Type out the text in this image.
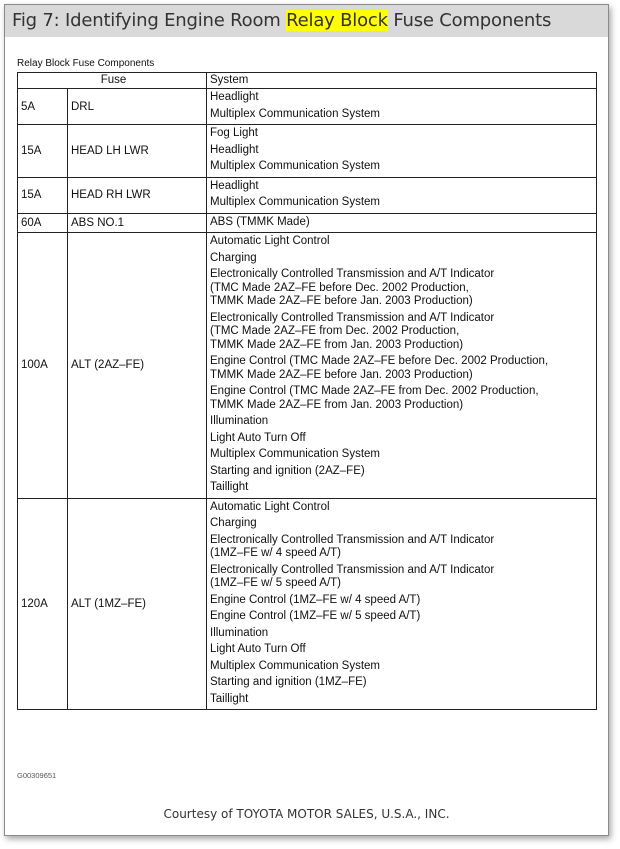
Fig 7: Identifying Engine Room Relay Block Fuse Components
Relay Block Fuse Components
Fuse		System
5A	DRL	Headlight
Multiplex Communication System

15A	HEAD LH LWR	Fog Light
Headlight
Multiplex Communication System

15A	HEAD RH LWR	Headlight
Multiplex Communication System

60A	ABS NO.1	ABS (TMMK Made)

100A	ALT (2AZ–FE)	
Automatic Light Control
Charging
Electronically Controlled Transmission and A/T Indicator
(TMC Made 2AZ–FE before Dec. 2002 Production,
TMMK Made 2AZ–FE before Jan. 2003 Production)
Electronically Controlled Transmission and A/T Indicator
(TMC Made 2AZ–FE from Dec. 2002 Production,
TMMK Made 2AZ–FE from Jan. 2003 Production)
Engine Control (TMC Made 2AZ–FE before Dec. 2002 Production,
TMMK Made 2AZ–FE before Jan. 2003 Production)
Engine Control (TMC Made 2AZ–FE from Dec. 2002 Production,
TMMK Made 2AZ–FE from Jan. 2003 Production)
Illumination
Light Auto Turn Off
Multiplex Communication System
Starting and ignition (2AZ–FE)
Taillight

120A	ALT (1MZ–FE)	
Automatic Light Control
Charging
Electronically Controlled Transmission and A/T Indicator
(1MZ–FE w/ 4 speed A/T)
Electronically Controlled Transmission and A/T Indicator
(1MZ–FE w/ 5 speed A/T)
Engine Control (1MZ–FE w/ 4 speed A/T)
Engine Control (1MZ–FE w/ 5 speed A/T)
Illumination
Light Auto Turn Off
Multiplex Communication System
Starting and ignition (1MZ–FE)
Taillight
G00309651
Courtesy of TOYOTA MOTOR SALES, U.S.A., INC.
